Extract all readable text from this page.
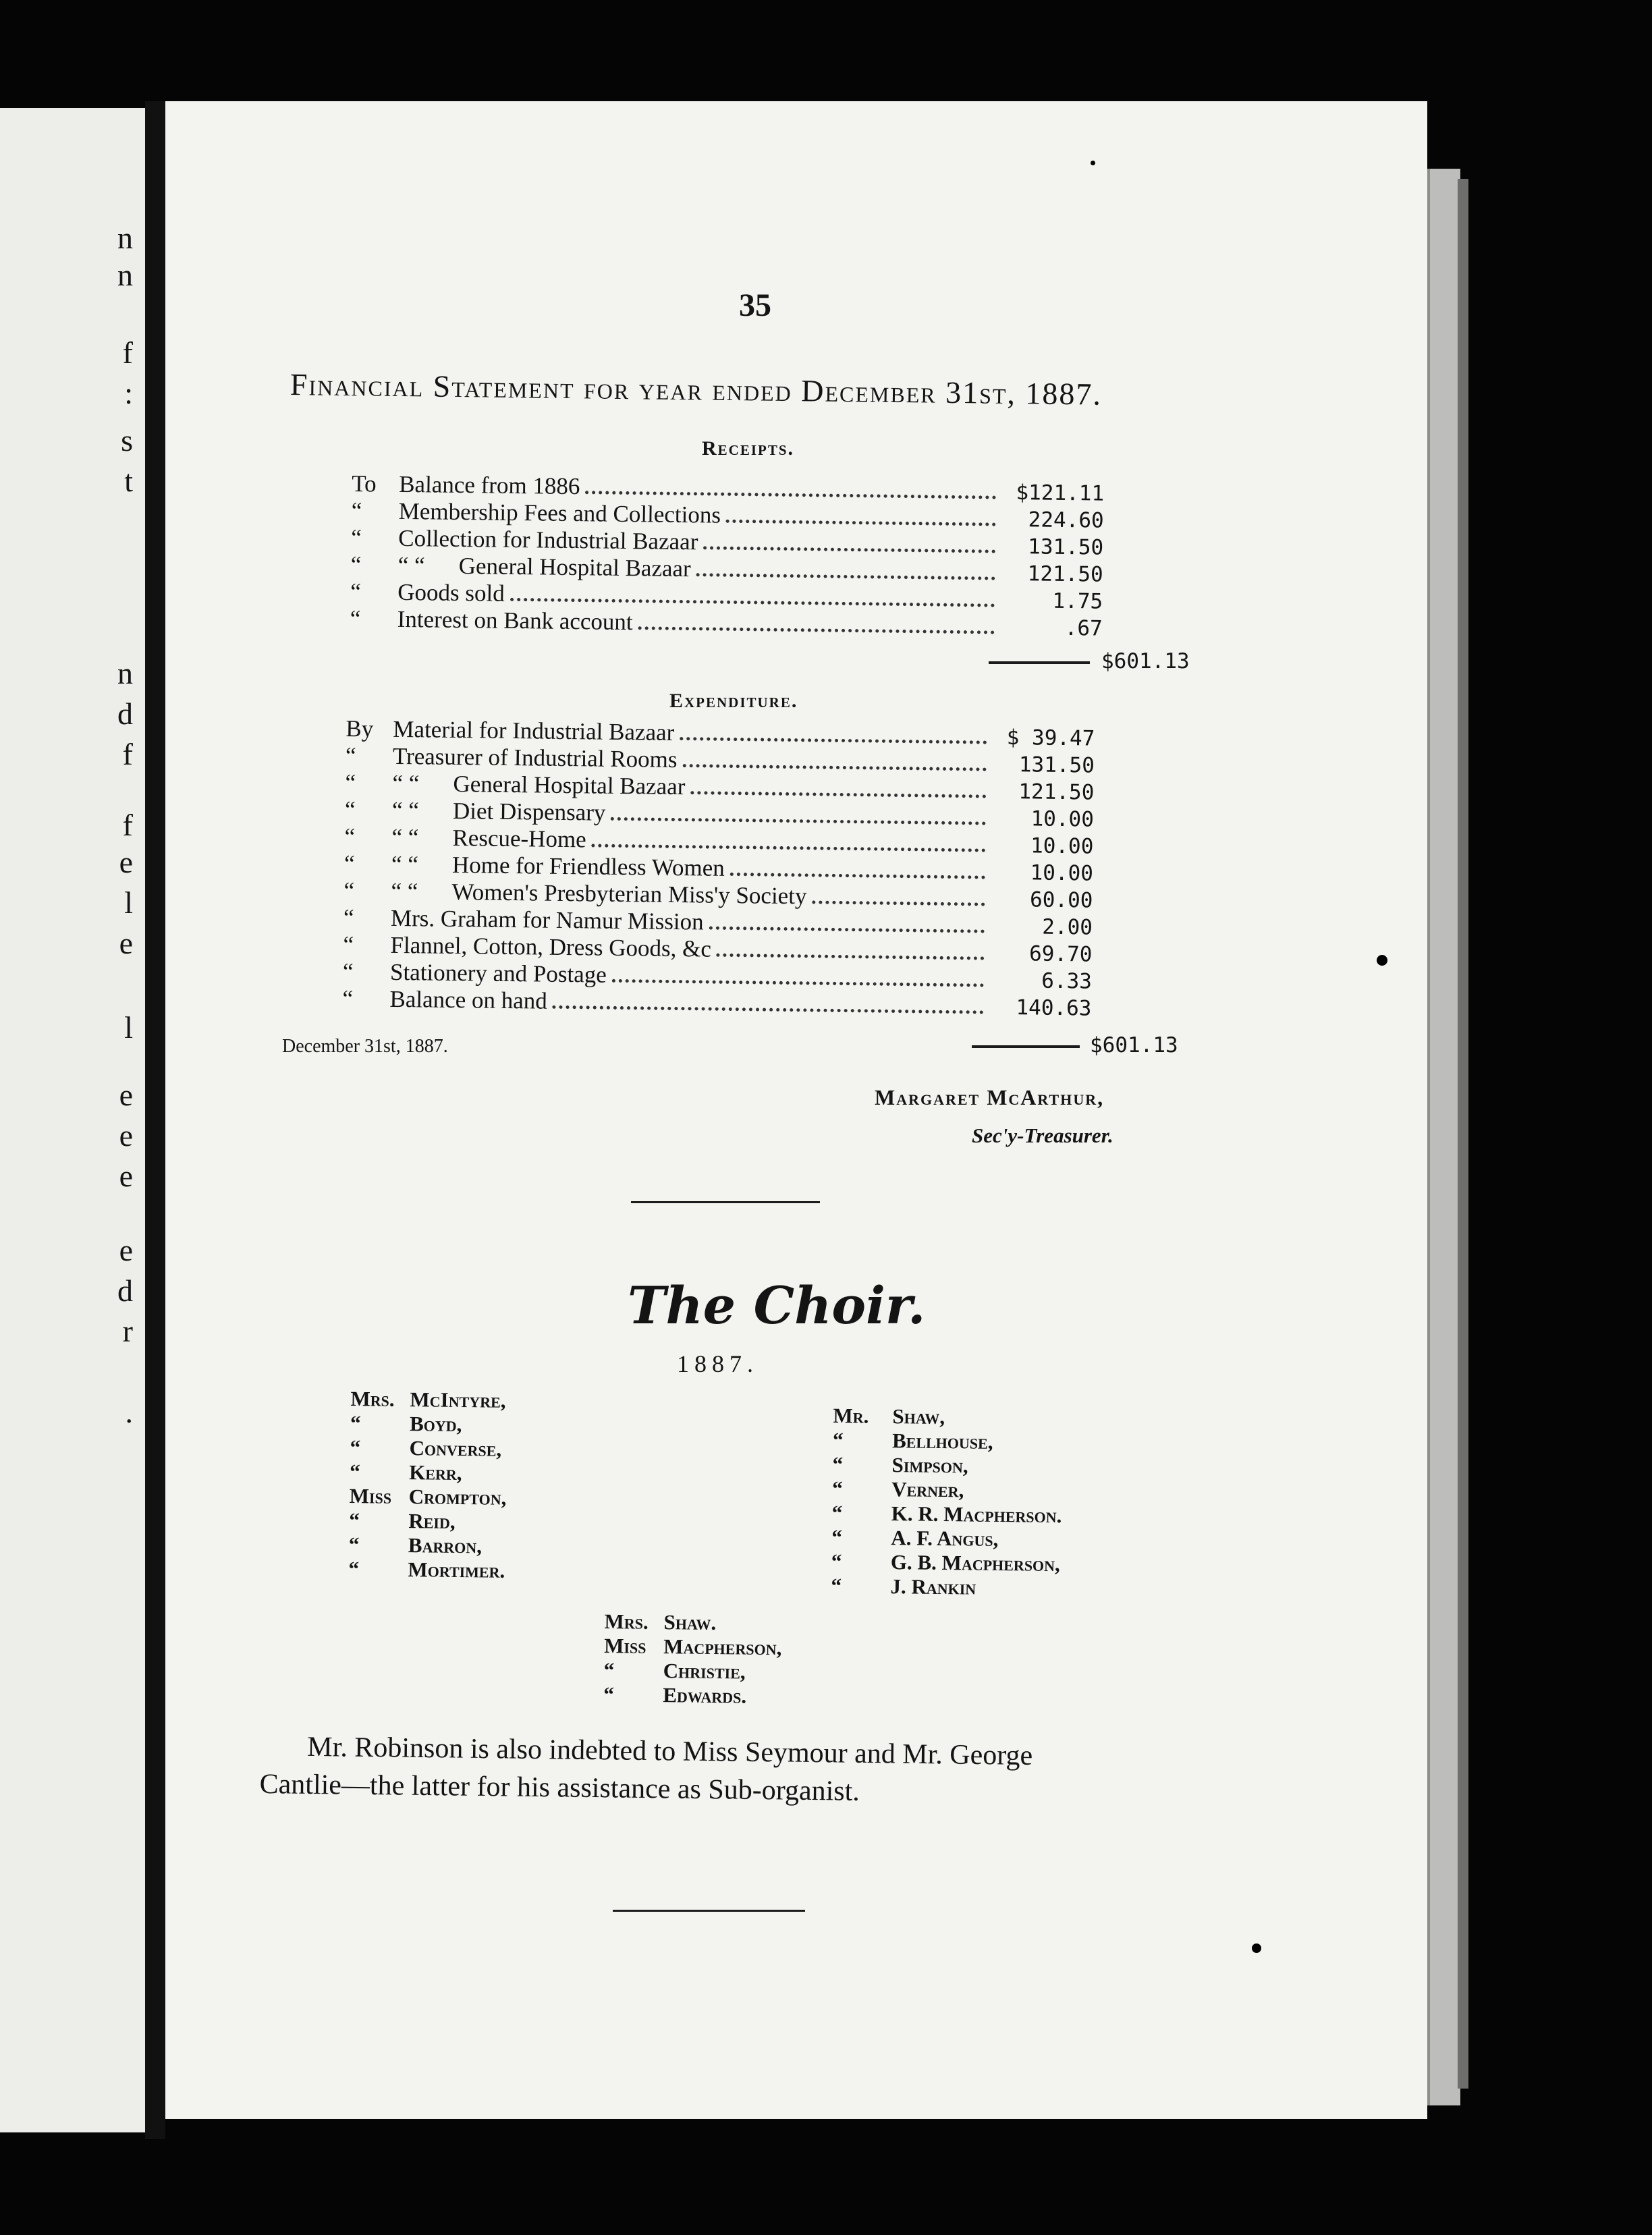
n
n
f
:
s
t
n
d
f
f
e
l
e
l
e
e
e
e
d
r
.
35
Financial Statement for year ended December 31st, 1887.
Receipts.
To Balance from 1886	$121.11
“	Membership Fees and Collections	224.60
“	Collection for Industrial Bazaar	131.50
“	“ “	General Hospital Bazaar	121.50
“	Goods sold	1.75
“	Interest on Bank account	.67
$601.13
Expenditure.
By Material for Industrial Bazaar	$ 39.47
“	Treasurer of Industrial Rooms	131.50
“	“ “	General Hospital Bazaar	121.50
“	“ “	Diet Dispensary	10.00
“	“ “	Rescue-Home	10.00
“	“ “	Home for Friendless Women	10.00
“	“ “	Women's Presbyterian Miss'y Society	60.00
“	Mrs. Graham for Namur Mission	2.00
“	Flannel, Cotton, Dress Goods, &c	69.70
“	Stationery and Postage	6.33
“	Balance on hand	140.63
$601.13
December 31st, 1887.
Margaret McArthur,
Sec'y-Treasurer.
The Choir.
1887.
Mrs. McIntyre,
“	Boyd,
“	Converse,
“	Kerr,
Miss Crompton,
“	Reid,
“	Barron,
“	Mortimer.
Mr.	Shaw,
“	Bellhouse,
“	Simpson,
“	Verner,
“	K. R. Macpherson.
“	A. F. Angus,
“	G. B. Macpherson,
“	J. Rankin
Mrs. Shaw.
Miss Macpherson,
“	Christie,
“	Edwards.
Mr. Robinson is also indebted to Miss Seymour and Mr. George
Cantlie—the latter for his assistance as Sub-organist.
